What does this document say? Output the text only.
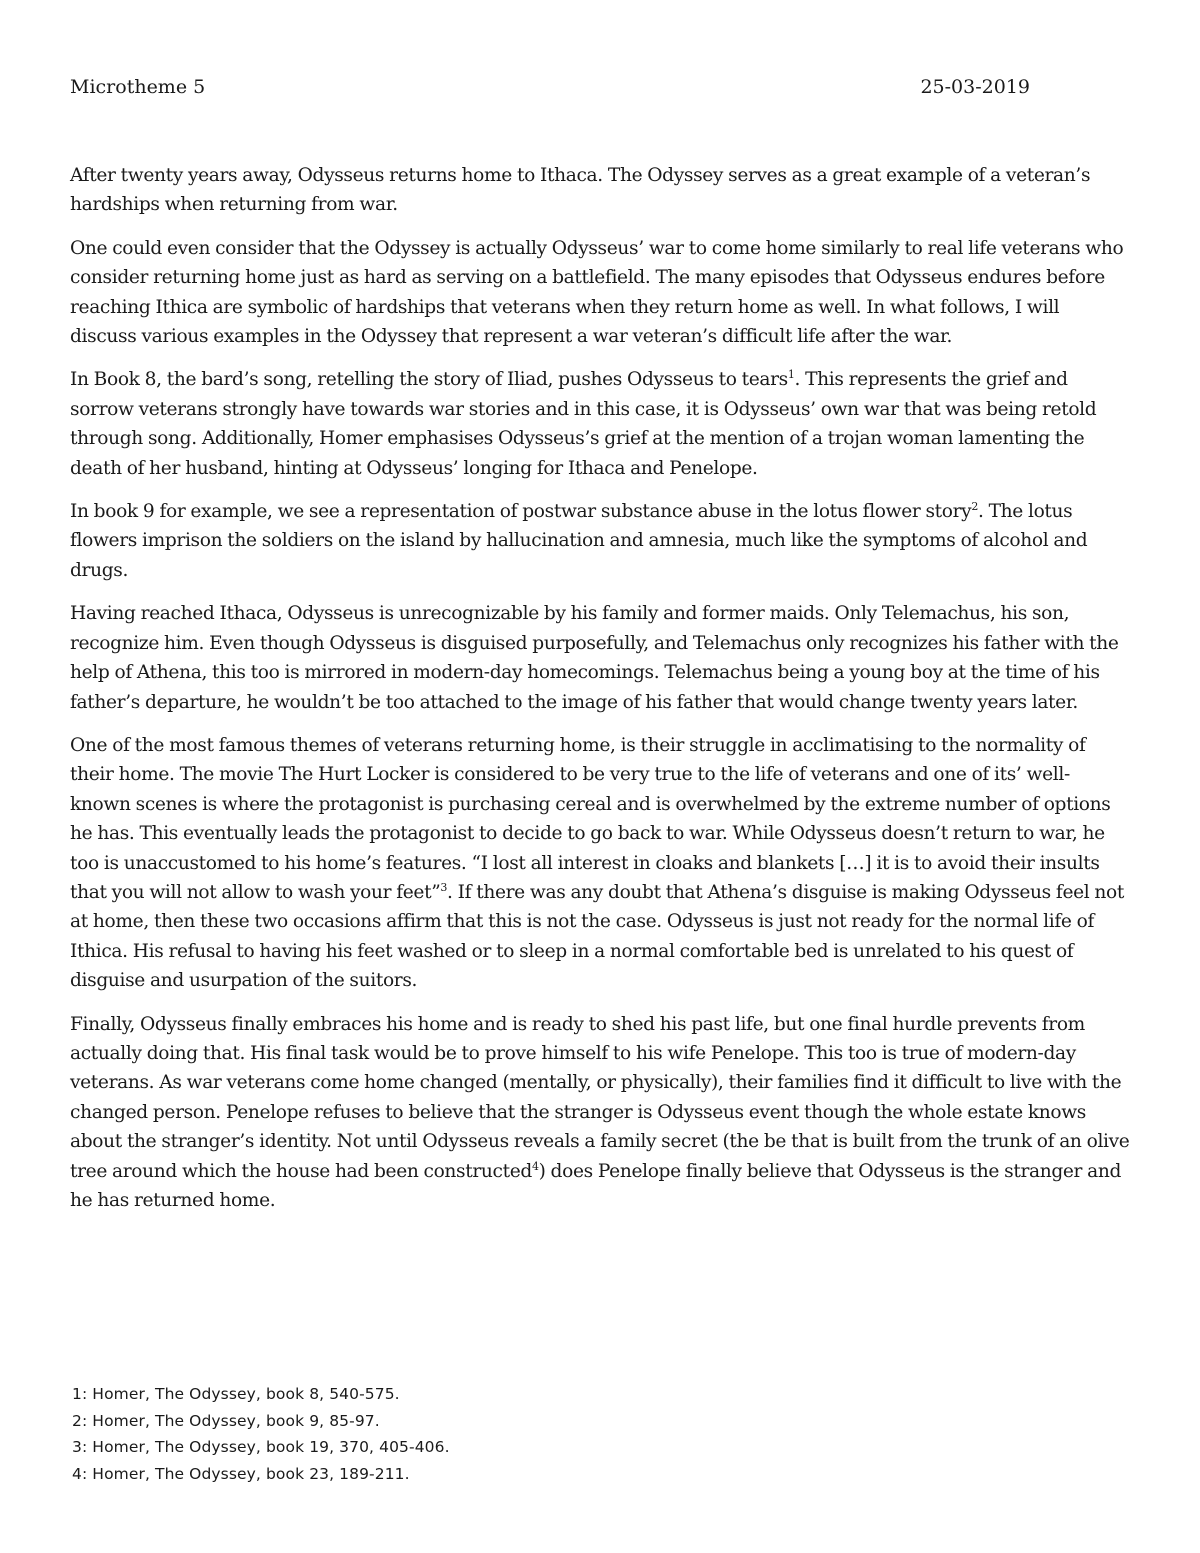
Microtheme 5	25-03-2019

After twenty years away, Odysseus returns home to Ithaca. The Odyssey serves as a great example of a veteran’s hardships when returning from war.

One could even consider that the Odyssey is actually Odysseus’ war to come home similarly to real life veterans who consider returning home just as hard as serving on a battlefield. The many episodes that Odysseus endures before reaching Ithica are symbolic of hardships that veterans when they return home as well. In what follows, I will discuss various examples in the Odyssey that represent a war veteran’s difficult life after the war.

In Book 8, the bard’s song, retelling the story of Iliad, pushes Odysseus to tears$^1$. This represents the grief and sorrow veterans strongly have towards war stories and in this case, it is Odysseus’ own war that was being retold through song. Additionally, Homer emphasises Odysseus’s grief at the mention of a trojan woman lamenting the death of her husband, hinting at Odysseus’ longing for Ithaca and Penelope.

In book 9 for example, we see a representation of postwar substance abuse in the lotus flower story$^2$. The lotus flowers imprison the soldiers on the island by hallucination and amnesia, much like the symptoms of alcohol and drugs.

Having reached Ithaca, Odysseus is unrecognizable by his family and former maids. Only Telemachus, his son, recognize him. Even though Odysseus is disguised purposefully, and Telemachus only recognizes his father with the help of Athena, this too is mirrored in modern-day homecomings. Telemachus being a young boy at the time of his father’s departure, he wouldn’t be too attached to the image of his father that would change twenty years later.

One of the most famous themes of veterans returning home, is their struggle in acclimatising to the normality of their home. The movie The Hurt Locker is considered to be very true to the life of veterans and one of its’ well-known scenes is where the protagonist is purchasing cereal and is overwhelmed by the extreme number of options he has. This eventually leads the protagonist to decide to go back to war. While Odysseus doesn’t return to war, he too is unaccustomed to his home’s features. “I lost all interest in cloaks and blankets […] it is to avoid their insults that you will not allow to wash your feet”$^3$. If there was any doubt that Athena’s disguise is making Odysseus feel not at home, then these two occasions affirm that this is not the case. Odysseus is just not ready for the normal life of Ithica. His refusal to having his feet washed or to sleep in a normal comfortable bed is unrelated to his quest of disguise and usurpation of the suitors.

Finally, Odysseus finally embraces his home and is ready to shed his past life, but one final hurdle prevents from actually doing that. His final task would be to prove himself to his wife Penelope. This too is true of modern-day veterans. As war veterans come home changed (mentally, or physically), their families find it difficult to live with the changed person. Penelope refuses to believe that the stranger is Odysseus event though the whole estate knows about the stranger’s identity. Not until Odysseus reveals a family secret (the be that is built from the trunk of an olive tree around which the house had been constructed$^4$) does Penelope finally believe that Odysseus is the stranger and he has returned home.

1: Homer, The Odyssey, book 8, 540-575.
2: Homer, The Odyssey, book 9, 85-97.
3: Homer, The Odyssey, book 19, 370, 405-406.
4: Homer, The Odyssey, book 23, 189-211.
